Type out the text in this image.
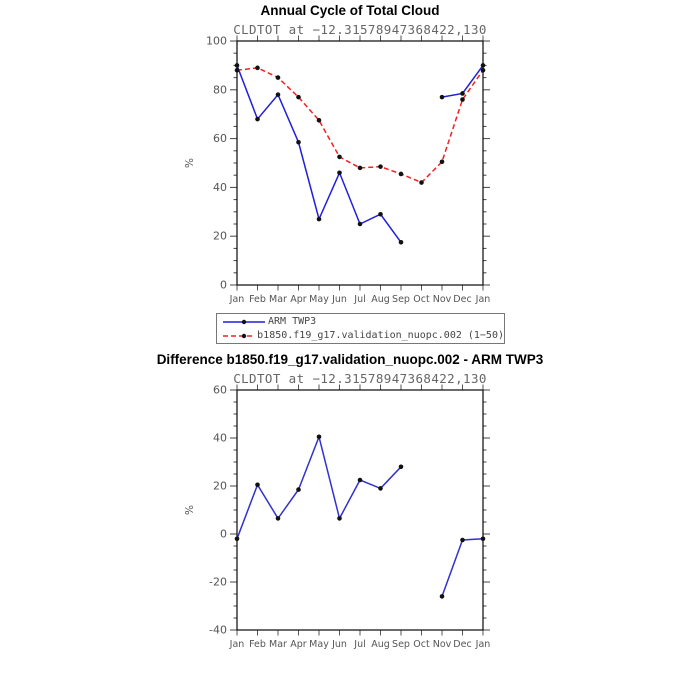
Annual Cycle of Total Cloud
CLDTOT at −12.31578947368422,130
0
20
40
60
80
100
Jan Feb Mar Apr May Jun Jul Aug Sep Oct Nov Dec Jan
%
-40
-20
0
20
40
60
Jan Feb Mar Apr May Jun Jul Aug Sep Oct Nov Dec Jan
%
ARM TWP3
b1850.f19_g17.validation_nuopc.002 (1−50)
Difference b1850.f19_g17.validation_nuopc.002 - ARM TWP3
CLDTOT at −12.31578947368422,130
